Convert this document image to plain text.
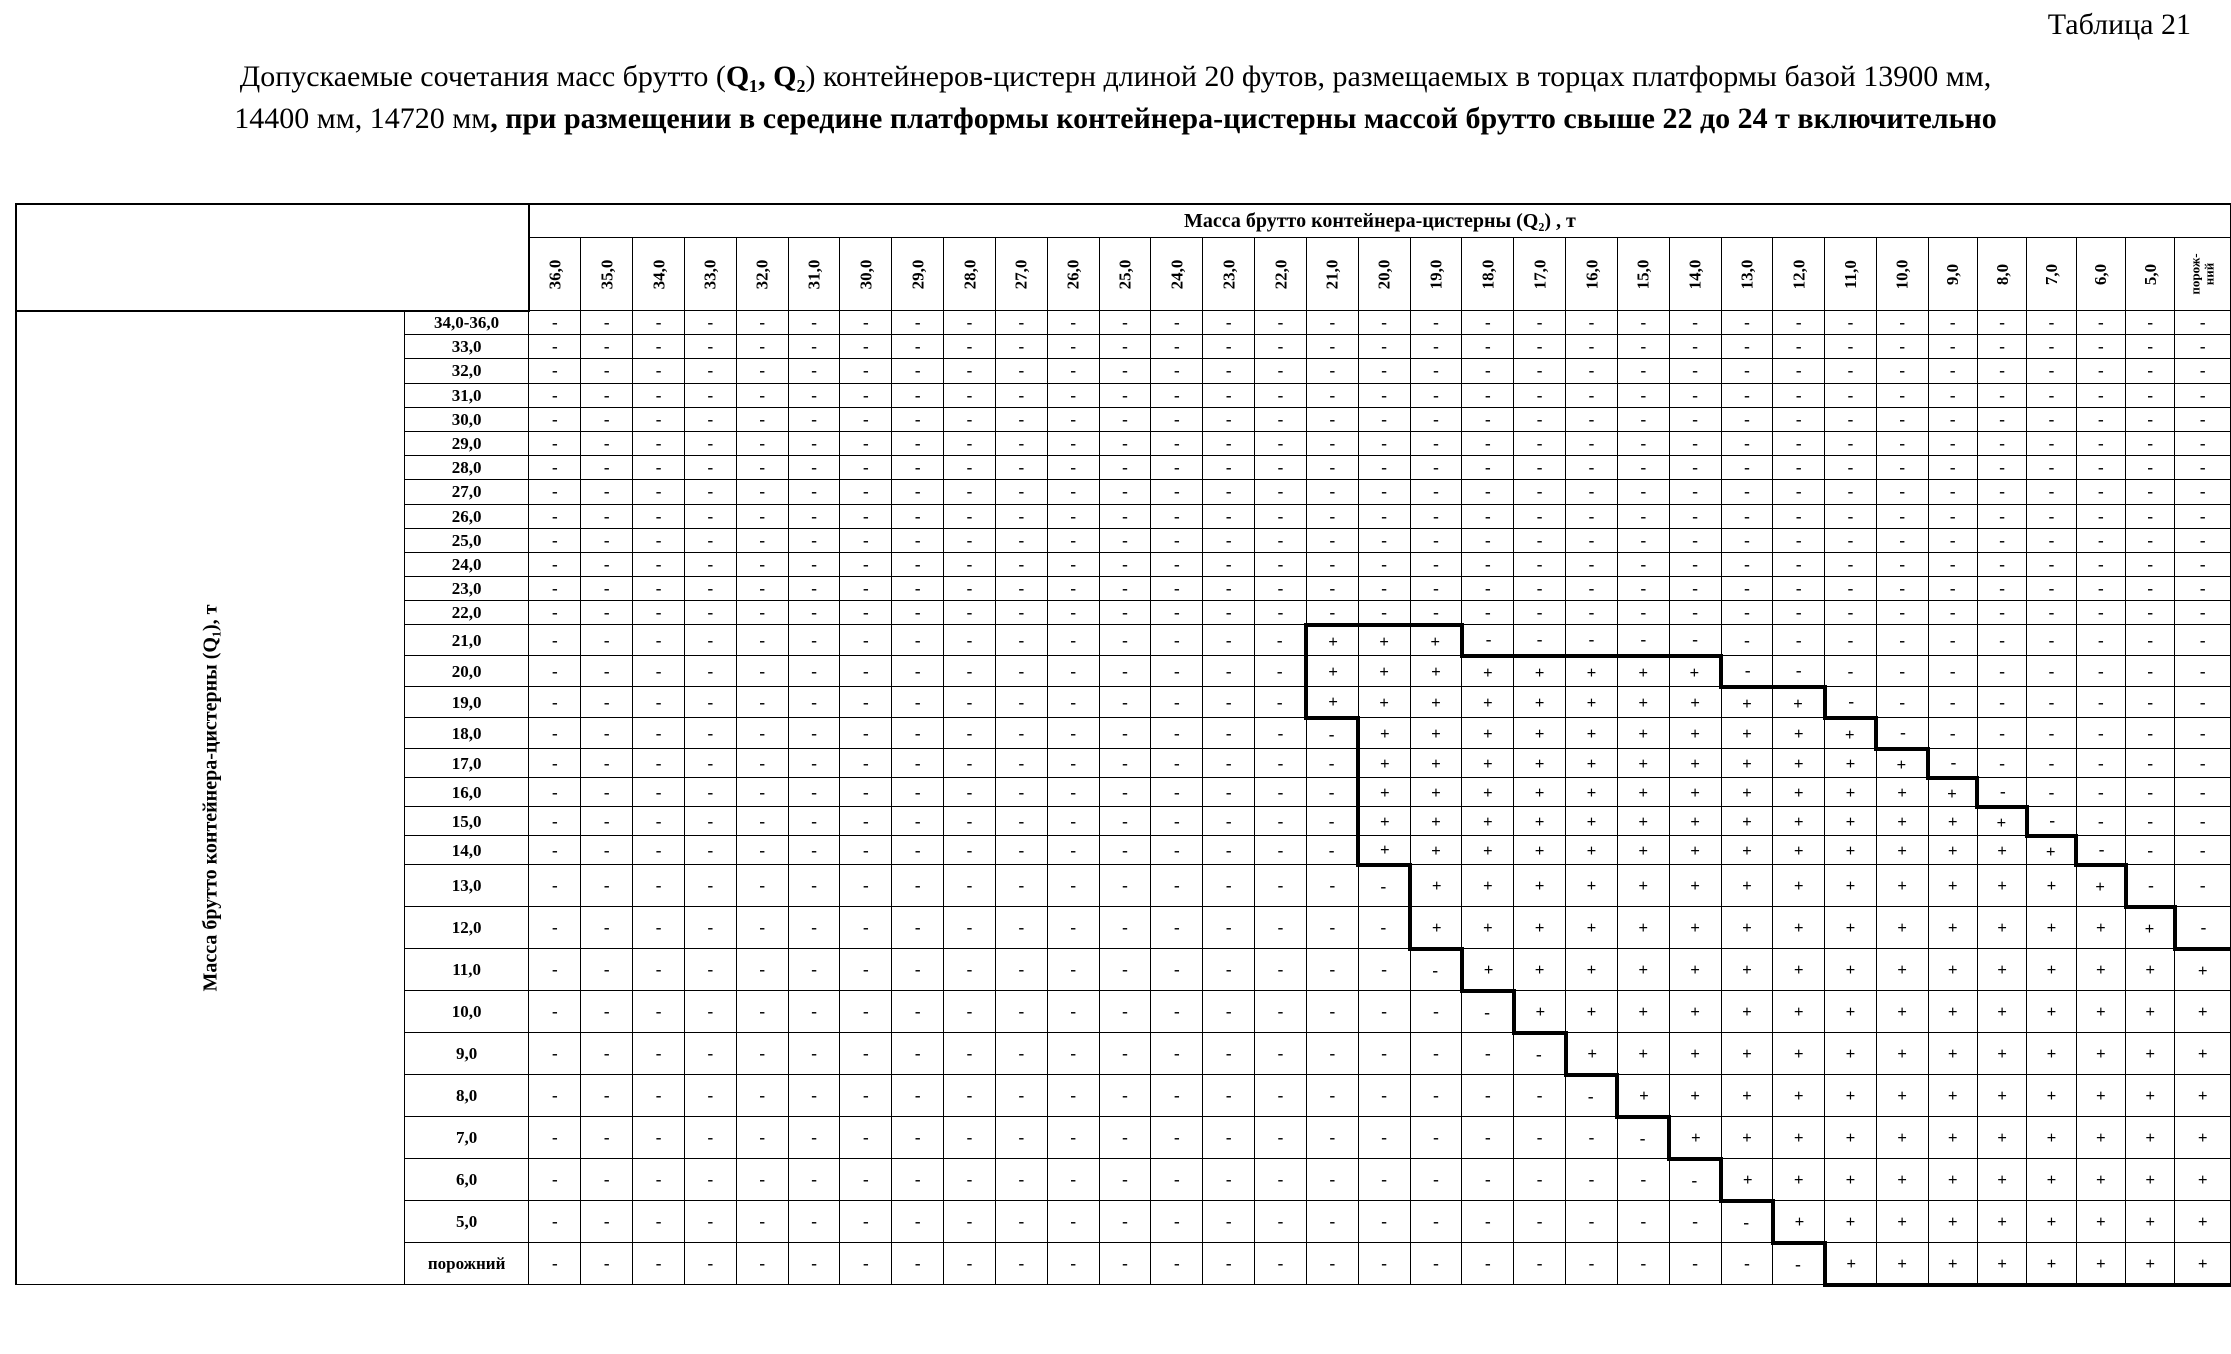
Таблица 21
Допускаемые сочетания масс брутто (Q₁, Q₂) контейнеров-цистерн длиной 20 футов, размещаемых в торцах платформы базой 13900 мм,
14400 мм, 14720 мм, при размещении в середине платформы контейнера-цистерны массой брутто свыше 22 до 24 т включительно
		Масса брутто контейнера-цистерны (Q₂) , т																																
		36,0	35,0	34,0	33,0	32,0	31,0	30,0	29,0	28,0	27,0	26,0	25,0	24,0	23,0	22,0	21,0	20,0	19,0	18,0	17,0	16,0	15,0	14,0	13,0	12,0	11,0	10,0	9,0	8,0	7,0	6,0	5,0	порож-
ний
Масса брутто контейнера-цистерны (Q₁), т	34,0-36,0	-	-	-	-	-	-	-	-	-	-	-	-	-	-	-	-	-	-	-	-	-	-	-	-	-	-	-	-	-	-	-	-	-
	33,0	-	-	-	-	-	-	-	-	-	-	-	-	-	-	-	-	-	-	-	-	-	-	-	-	-	-	-	-	-	-	-	-	-
	32,0	-	-	-	-	-	-	-	-	-	-	-	-	-	-	-	-	-	-	-	-	-	-	-	-	-	-	-	-	-	-	-	-	-
	31,0	-	-	-	-	-	-	-	-	-	-	-	-	-	-	-	-	-	-	-	-	-	-	-	-	-	-	-	-	-	-	-	-	-
	30,0	-	-	-	-	-	-	-	-	-	-	-	-	-	-	-	-	-	-	-	-	-	-	-	-	-	-	-	-	-	-	-	-	-
	29,0	-	-	-	-	-	-	-	-	-	-	-	-	-	-	-	-	-	-	-	-	-	-	-	-	-	-	-	-	-	-	-	-	-
	28,0	-	-	-	-	-	-	-	-	-	-	-	-	-	-	-	-	-	-	-	-	-	-	-	-	-	-	-	-	-	-	-	-	-
	27,0	-	-	-	-	-	-	-	-	-	-	-	-	-	-	-	-	-	-	-	-	-	-	-	-	-	-	-	-	-	-	-	-	-
	26,0	-	-	-	-	-	-	-	-	-	-	-	-	-	-	-	-	-	-	-	-	-	-	-	-	-	-	-	-	-	-	-	-	-
	25,0	-	-	-	-	-	-	-	-	-	-	-	-	-	-	-	-	-	-	-	-	-	-	-	-	-	-	-	-	-	-	-	-	-
	24,0	-	-	-	-	-	-	-	-	-	-	-	-	-	-	-	-	-	-	-	-	-	-	-	-	-	-	-	-	-	-	-	-	-
	23,0	-	-	-	-	-	-	-	-	-	-	-	-	-	-	-	-	-	-	-	-	-	-	-	-	-	-	-	-	-	-	-	-	-
	22,0	-	-	-	-	-	-	-	-	-	-	-	-	-	-	-	-	-	-	-	-	-	-	-	-	-	-	-	-	-	-	-	-	-
	21,0	-	-	-	-	-	-	-	-	-	-	-	-	-	-	-	+	+	+	-	-	-	-	-	-	-	-	-	-	-	-	-	-	-
	20,0	-	-	-	-	-	-	-	-	-	-	-	-	-	-	-	+	+	+	+	+	+	+	+	-	-	-	-	-	-	-	-	-	-
	19,0	-	-	-	-	-	-	-	-	-	-	-	-	-	-	-	+	+	+	+	+	+	+	+	+	+	-	-	-	-	-	-	-	-
	18,0	-	-	-	-	-	-	-	-	-	-	-	-	-	-	-	-	+	+	+	+	+	+	+	+	+	+	-	-	-	-	-	-	-
	17,0	-	-	-	-	-	-	-	-	-	-	-	-	-	-	-	-	+	+	+	+	+	+	+	+	+	+	+	-	-	-	-	-	-
	16,0	-	-	-	-	-	-	-	-	-	-	-	-	-	-	-	-	+	+	+	+	+	+	+	+	+	+	+	+	-	-	-	-	-
	15,0	-	-	-	-	-	-	-	-	-	-	-	-	-	-	-	-	+	+	+	+	+	+	+	+	+	+	+	+	+	-	-	-	-
	14,0	-	-	-	-	-	-	-	-	-	-	-	-	-	-	-	-	+	+	+	+	+	+	+	+	+	+	+	+	+	+	-	-	-
	13,0	-	-	-	-	-	-	-	-	-	-	-	-	-	-	-	-	-	+	+	+	+	+	+	+	+	+	+	+	+	+	+	-	-
	12,0	-	-	-	-	-	-	-	-	-	-	-	-	-	-	-	-	-	+	+	+	+	+	+	+	+	+	+	+	+	+	+	+	-
	11,0	-	-	-	-	-	-	-	-	-	-	-	-	-	-	-	-	-	-	+	+	+	+	+	+	+	+	+	+	+	+	+	+	+
	10,0	-	-	-	-	-	-	-	-	-	-	-	-	-	-	-	-	-	-	-	+	+	+	+	+	+	+	+	+	+	+	+	+	+
	9,0	-	-	-	-	-	-	-	-	-	-	-	-	-	-	-	-	-	-	-	-	+	+	+	+	+	+	+	+	+	+	+	+	+
	8,0	-	-	-	-	-	-	-	-	-	-	-	-	-	-	-	-	-	-	-	-	-	+	+	+	+	+	+	+	+	+	+	+	+
	7,0	-	-	-	-	-	-	-	-	-	-	-	-	-	-	-	-	-	-	-	-	-	-	+	+	+	+	+	+	+	+	+	+	+
	6,0	-	-	-	-	-	-	-	-	-	-	-	-	-	-	-	-	-	-	-	-	-	-	-	+	+	+	+	+	+	+	+	+	+
	5,0	-	-	-	-	-	-	-	-	-	-	-	-	-	-	-	-	-	-	-	-	-	-	-	-	+	+	+	+	+	+	+	+	+
	порожний	-	-	-	-	-	-	-	-	-	-	-	-	-	-	-	-	-	-	-	-	-	-	-	-	-	+	+	+	+	+	+	+	+
